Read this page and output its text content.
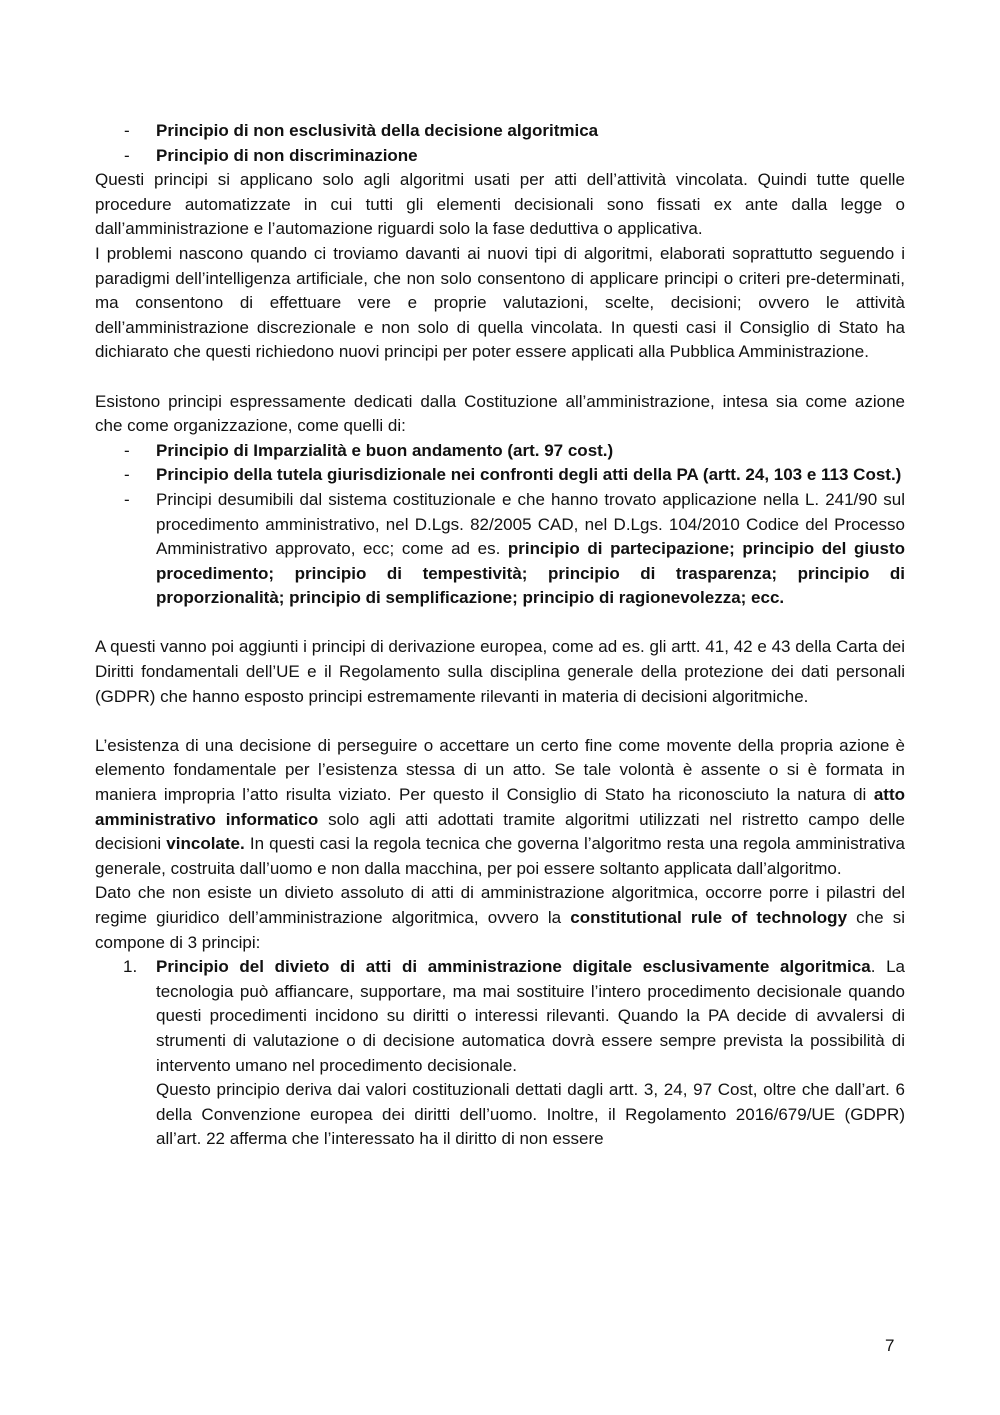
- Principio di non esclusività della decisione algoritmica
- Principio di non discriminazione

Questi principi si applicano solo agli algoritmi usati per atti dell’attività vincolata. Quindi tutte quelle procedure automatizzate in cui tutti gli elementi decisionali sono fissati ex ante dalla legge o dall’amministrazione e l’automazione riguardi solo la fase deduttiva o applicativa.

I problemi nascono quando ci troviamo davanti ai nuovi tipi di algoritmi, elaborati soprattutto seguendo i paradigmi dell’intelligenza artificiale, che non solo consentono di applicare principi o criteri pre-determinati, ma consentono di effettuare vere e proprie valutazioni, scelte, decisioni; ovvero le attività dell’amministrazione discrezionale e non solo di quella vincolata. In questi casi il Consiglio di Stato ha dichiarato che questi richiedono nuovi principi per poter essere applicati alla Pubblica Amministrazione.

Esistono principi espressamente dedicati dalla Costituzione all’amministrazione, intesa sia come azione che come organizzazione, come quelli di:

- Principio di Imparzialità e buon andamento (art. 97 cost.)
- Principio della tutela giurisdizionale nei confronti degli atti della PA (artt. 24, 103 e 113 Cost.)
- Principi desumibili dal sistema costituzionale e che hanno trovato applicazione nella L. 241/90 sul procedimento amministrativo, nel D.Lgs. 82/2005 CAD, nel D.Lgs. 104/2010 Codice del Processo Amministrativo approvato, ecc; come ad es. principio di partecipazione; principio del giusto procedimento; principio di tempestività; principio di trasparenza; principio di proporzionalità; principio di semplificazione; principio di ragionevolezza; ecc.

A questi vanno poi aggiunti i principi di derivazione europea, come ad es. gli artt. 41, 42 e 43 della Carta dei Diritti fondamentali dell’UE e il Regolamento sulla disciplina generale della protezione dei dati personali (GDPR) che hanno esposto principi estremamente rilevanti in materia di decisioni algoritmiche.

L’esistenza di una decisione di perseguire o accettare un certo fine come movente della propria azione è elemento fondamentale per l’esistenza stessa di un atto. Se tale volontà è assente o si è formata in maniera impropria l’atto risulta viziato. Per questo il Consiglio di Stato ha riconosciuto la natura di atto amministrativo informatico solo agli atti adottati tramite algoritmi utilizzati nel ristretto campo delle decisioni vincolate. In questi casi la regola tecnica che governa l’algoritmo resta una regola amministrativa generale, costruita dall’uomo e non dalla macchina, per poi essere soltanto applicata dall’algoritmo.

Dato che non esiste un divieto assoluto di atti di amministrazione algoritmica, occorre porre i pilastri del regime giuridico dell’amministrazione algoritmica, ovvero la constitutional rule of technology che si compone di 3 principi:

1. Principio del divieto di atti di amministrazione digitale esclusivamente algoritmica. La tecnologia può affiancare, supportare, ma mai sostituire l’intero procedimento decisionale quando questi procedimenti incidono su diritti o interessi rilevanti. Quando la PA decide di avvalersi di strumenti di valutazione o di decisione automatica dovrà essere sempre prevista la possibilità di intervento umano nel procedimento decisionale.

Questo principio deriva dai valori costituzionali dettati dagli artt. 3, 24, 97 Cost, oltre che dall’art. 6 della Convenzione europea dei diritti dell’uomo. Inoltre, il Regolamento 2016/679/UE (GDPR) all’art. 22 afferma che l’interessato ha il diritto di non essere

7
